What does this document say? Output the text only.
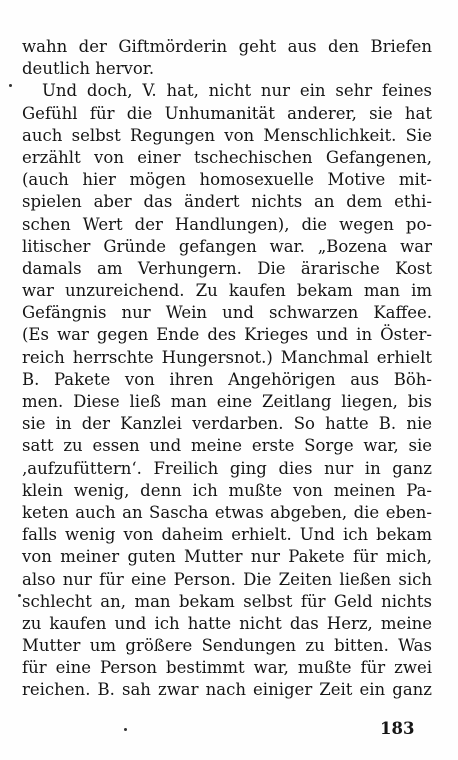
wahn der Giftmörderin geht aus den Briefen
deutlich hervor.
Und doch, V. hat, nicht nur ein sehr feines
Gefühl für die Unhumanität anderer, sie hat
auch selbst Regungen von Menschlichkeit. Sie
erzählt von einer tschechischen Gefangenen,
(auch hier mögen homosexuelle Motive mit-
spielen aber das ändert nichts an dem ethi-
schen Wert der Handlungen), die wegen po-
litischer Gründe gefangen war. „Bozena war
damals am Verhungern. Die ärarische Kost
war unzureichend. Zu kaufen bekam man im
Gefängnis nur Wein und schwarzen Kaffee.
(Es war gegen Ende des Krieges und in Öster-
reich herrschte Hungersnot.) Manchmal erhielt
B. Pakete von ihren Angehörigen aus Böh-
men. Diese ließ man eine Zeitlang liegen, bis
sie in der Kanzlei verdarben. So hatte B. nie
satt zu essen und meine erste Sorge war, sie
‚aufzufüttern‘. Freilich ging dies nur in ganz
klein wenig, denn ich mußte von meinen Pa-
keten auch an Sascha etwas abgeben, die eben-
falls wenig von daheim erhielt. Und ich bekam
von meiner guten Mutter nur Pakete für mich,
also nur für eine Person. Die Zeiten ließen sich
schlecht an, man bekam selbst für Geld nichts
zu kaufen und ich hatte nicht das Herz, meine
Mutter um größere Sendungen zu bitten. Was
für eine Person bestimmt war, mußte für zwei
reichen. B. sah zwar nach einiger Zeit ein ganz
183
